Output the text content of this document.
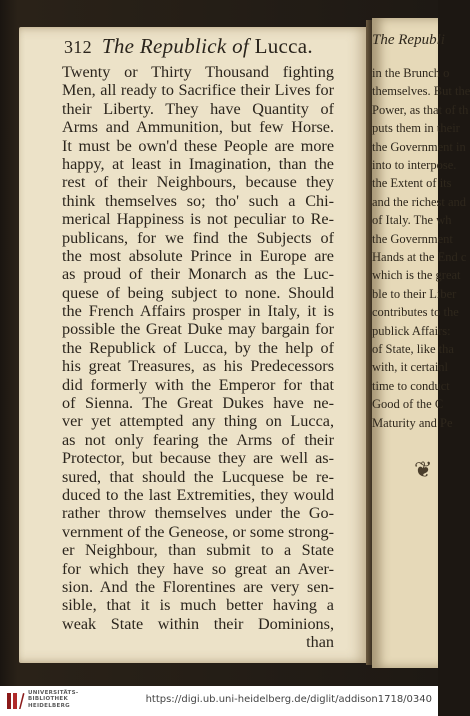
312 The Republick of Lucca.
Twenty or Thirty Thousand fighting
Men, all ready to Sacrifice their Lives for
their Liberty. They have Quantity of
Arms and Ammunition, but few Horse.
It must be own'd these People are more
happy, at least in Imagination, than the
rest of their Neighbours, because they
think themselves so; tho' such a Chi-
merical Happiness is not peculiar to Re-
publicans, for we find the Subjects of
the most absolute Prince in Europe are
as proud of their Monarch as the Luc-
quese of being subject to none. Should
the French Affairs prosper in Italy, it is
possible the Great Duke may bargain for
the Republick of Lucca, by the help of
his great Treasures, as his Predecessors
did formerly with the Emperor for that
of Sienna. The Great Dukes have ne-
ver yet attempted any thing on Lucca,
as not only fearing the Arms of their
Protector, but because they are well as-
sured, that should the Lucquese be re-
duced to the last Extremities, they would
rather throw themselves under the Go-
vernment of the Geneose, or some strong-
er Neighbour, than submit to a State
for which they have so great an Aver-
sion. And the Florentines are very sen-
sible, that it is much better having a
weak State within their Dominions,
than
The Republi
in the Brunch o
themselves. But the
Power, as that of th
puts them in their
the Government in
into to interpose.
the Extent of its
and the richest and
of Italy. The wh
the Government
Hands at the End c
which is the great
ble to their Liber
contributes to the
publick Affairs:
of State, like tha
with, it certainl
time to conduct
Good of the C
Maturity and Pe
❦
UNIVERSITÄTS-
BIBLIOTHEK
HEIDELBERG
https://digi.ub.uni-heidelberg.de/diglit/addison1718/0340
